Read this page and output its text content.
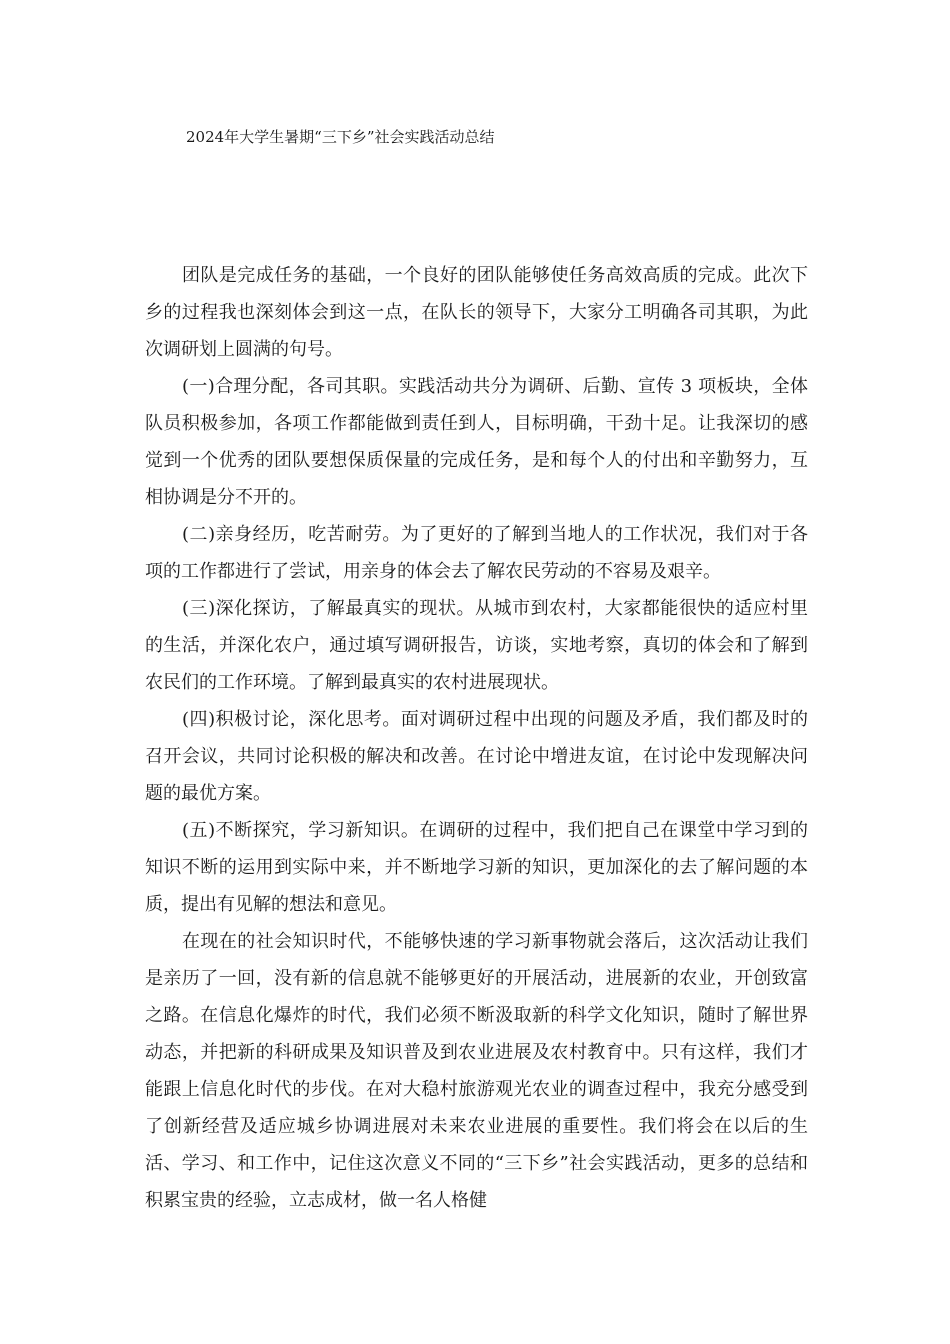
2024年大学生暑期“三下乡”社会实践活动总结

团队是完成任务的基础，一个良好的团队能够使任务高效高质的完成。此次下乡的过程我也深刻体会到这一点，在队长的领导下，大家分工明确各司其职，为此次调研划上圆满的句号。

(一)合理分配，各司其职。实践活动共分为调研、后勤、宣传 3 项板块，全体队员积极参加，各项工作都能做到责任到人，目标明确，干劲十足。让我深切的感觉到一个优秀的团队要想保质保量的完成任务，是和每个人的付出和辛勤努力，互相协调是分不开的。

(二)亲身经历，吃苦耐劳。为了更好的了解到当地人的工作状况，我们对于各项的工作都进行了尝试，用亲身的体会去了解农民劳动的不容易及艰辛。

(三)深化探访，了解最真实的现状。从城市到农村，大家都能很快的适应村里的生活，并深化农户，通过填写调研报告，访谈，实地考察，真切的体会和了解到农民们的工作环境。了解到最真实的农村进展现状。

(四)积极讨论，深化思考。面对调研过程中出现的问题及矛盾，我们都及时的召开会议，共同讨论积极的解决和改善。在讨论中增进友谊，在讨论中发现解决问题的最优方案。

(五)不断探究，学习新知识。在调研的过程中，我们把自己在课堂中学习到的知识不断的运用到实际中来，并不断地学习新的知识，更加深化的去了解问题的本质，提出有见解的想法和意见。

在现在的社会知识时代，不能够快速的学习新事物就会落后，这次活动让我们是亲历了一回，没有新的信息就不能够更好的开展活动，进展新的农业，开创致富之路。在信息化爆炸的时代，我们必须不断汲取新的科学文化知识，随时了解世界动态，并把新的科研成果及知识普及到农业进展及农村教育中。只有这样，我们才能跟上信息化时代的步伐。在对大稳村旅游观光农业的调查过程中，我充分感受到了创新经营及适应城乡协调进展对未来农业进展的重要性。我们将会在以后的生活、学习、和工作中，记住这次意义不同的“三下乡”社会实践活动，更多的总结和积累宝贵的经验，立志成材，做一名人格健
